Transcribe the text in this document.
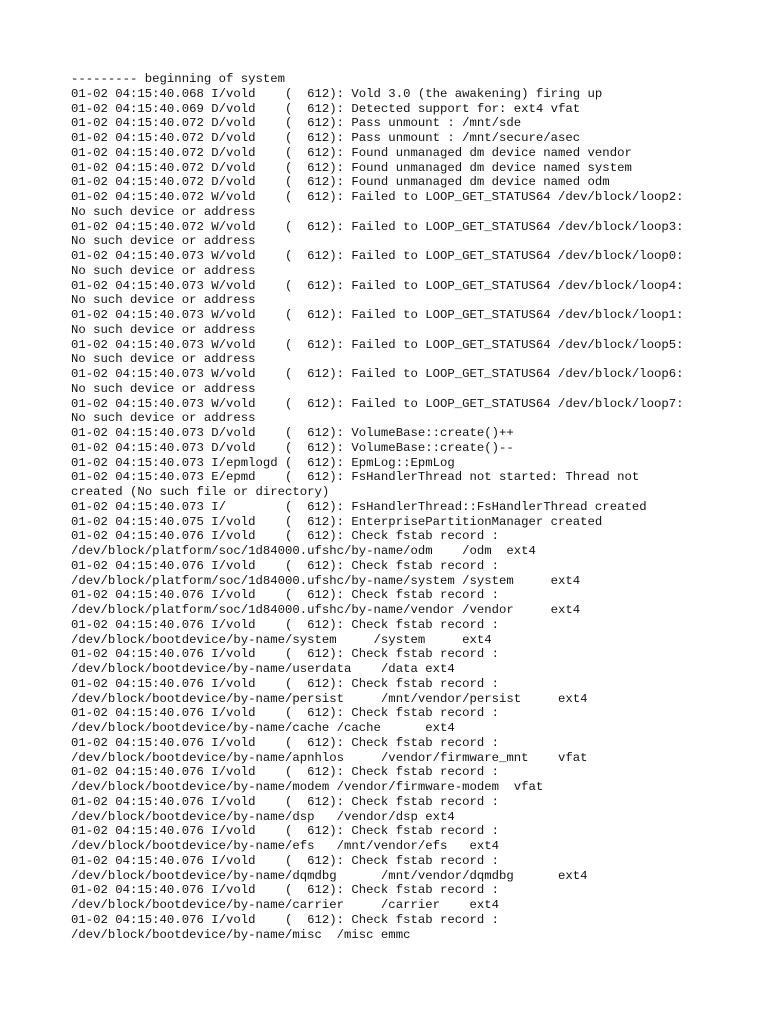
--------- beginning of system
01-02 04:15:40.068 I/vold    (  612): Vold 3.0 (the awakening) firing up
01-02 04:15:40.069 D/vold    (  612): Detected support for: ext4 vfat
01-02 04:15:40.072 D/vold    (  612): Pass unmount : /mnt/sde
01-02 04:15:40.072 D/vold    (  612): Pass unmount : /mnt/secure/asec
01-02 04:15:40.072 D/vold    (  612): Found unmanaged dm device named vendor
01-02 04:15:40.072 D/vold    (  612): Found unmanaged dm device named system
01-02 04:15:40.072 D/vold    (  612): Found unmanaged dm device named odm
01-02 04:15:40.072 W/vold    (  612): Failed to LOOP_GET_STATUS64 /dev/block/loop2:
No such device or address
01-02 04:15:40.072 W/vold    (  612): Failed to LOOP_GET_STATUS64 /dev/block/loop3:
No such device or address
01-02 04:15:40.073 W/vold    (  612): Failed to LOOP_GET_STATUS64 /dev/block/loop0:
No such device or address
01-02 04:15:40.073 W/vold    (  612): Failed to LOOP_GET_STATUS64 /dev/block/loop4:
No such device or address
01-02 04:15:40.073 W/vold    (  612): Failed to LOOP_GET_STATUS64 /dev/block/loop1:
No such device or address
01-02 04:15:40.073 W/vold    (  612): Failed to LOOP_GET_STATUS64 /dev/block/loop5:
No such device or address
01-02 04:15:40.073 W/vold    (  612): Failed to LOOP_GET_STATUS64 /dev/block/loop6:
No such device or address
01-02 04:15:40.073 W/vold    (  612): Failed to LOOP_GET_STATUS64 /dev/block/loop7:
No such device or address
01-02 04:15:40.073 D/vold    (  612): VolumeBase::create()++
01-02 04:15:40.073 D/vold    (  612): VolumeBase::create()--
01-02 04:15:40.073 I/epmlogd (  612): EpmLog::EpmLog
01-02 04:15:40.073 E/epmd    (  612): FsHandlerThread not started: Thread not
created (No such file or directory)
01-02 04:15:40.073 I/        (  612): FsHandlerThread::FsHandlerThread created
01-02 04:15:40.075 I/vold    (  612): EnterprisePartitionManager created
01-02 04:15:40.076 I/vold    (  612): Check fstab record :
/dev/block/platform/soc/1d84000.ufshc/by-name/odm    /odm  ext4
01-02 04:15:40.076 I/vold    (  612): Check fstab record :
/dev/block/platform/soc/1d84000.ufshc/by-name/system /system     ext4
01-02 04:15:40.076 I/vold    (  612): Check fstab record :
/dev/block/platform/soc/1d84000.ufshc/by-name/vendor /vendor     ext4
01-02 04:15:40.076 I/vold    (  612): Check fstab record :
/dev/block/bootdevice/by-name/system     /system     ext4
01-02 04:15:40.076 I/vold    (  612): Check fstab record :
/dev/block/bootdevice/by-name/userdata    /data ext4
01-02 04:15:40.076 I/vold    (  612): Check fstab record :
/dev/block/bootdevice/by-name/persist     /mnt/vendor/persist     ext4
01-02 04:15:40.076 I/vold    (  612): Check fstab record :
/dev/block/bootdevice/by-name/cache /cache      ext4
01-02 04:15:40.076 I/vold    (  612): Check fstab record :
/dev/block/bootdevice/by-name/apnhlos     /vendor/firmware_mnt    vfat
01-02 04:15:40.076 I/vold    (  612): Check fstab record :
/dev/block/bootdevice/by-name/modem /vendor/firmware-modem  vfat
01-02 04:15:40.076 I/vold    (  612): Check fstab record :
/dev/block/bootdevice/by-name/dsp   /vendor/dsp ext4
01-02 04:15:40.076 I/vold    (  612): Check fstab record :
/dev/block/bootdevice/by-name/efs   /mnt/vendor/efs   ext4
01-02 04:15:40.076 I/vold    (  612): Check fstab record :
/dev/block/bootdevice/by-name/dqmdbg      /mnt/vendor/dqmdbg      ext4
01-02 04:15:40.076 I/vold    (  612): Check fstab record :
/dev/block/bootdevice/by-name/carrier     /carrier    ext4
01-02 04:15:40.076 I/vold    (  612): Check fstab record :
/dev/block/bootdevice/by-name/misc  /misc emmc
